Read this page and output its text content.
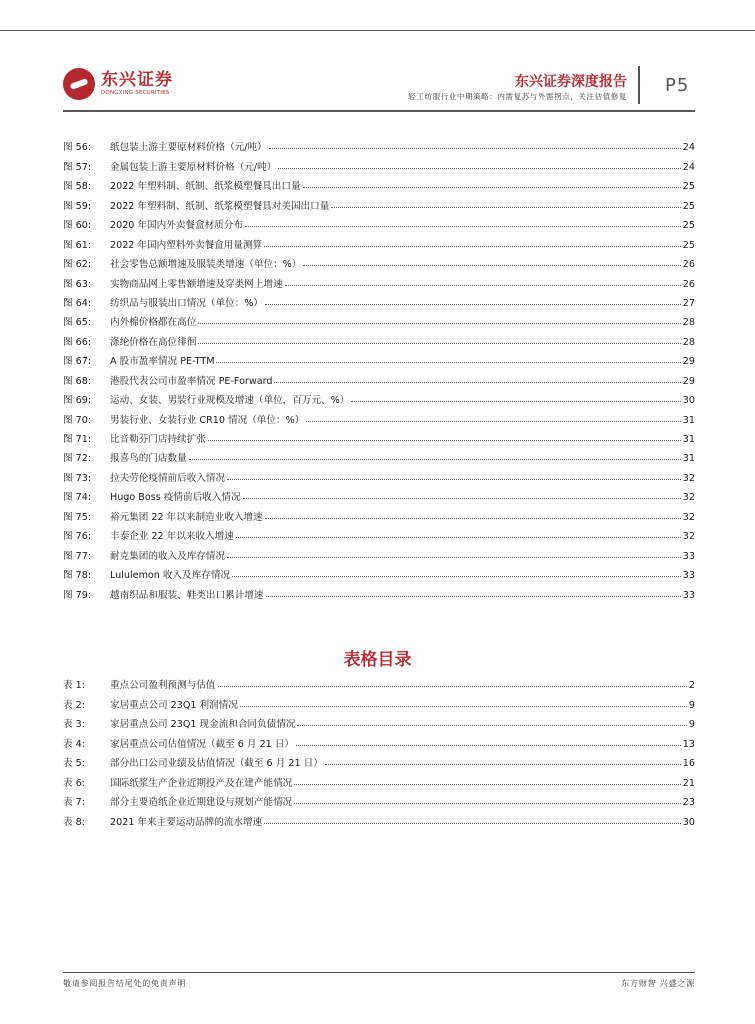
东兴证券
DONGXING SECURITIES
东兴证券深度报告
轻工纺服行业中期策略：内需复苏与外需拐点，关注估值修复
P5
图 56:	纸包装上游主要原材料价格（元/吨）	24
图 57:	金属包装上游主要原材料价格（元/吨）	24
图 58:	2022 年塑料制、纸制、纸浆模塑餐具出口量	25
图 59:	2022 年塑料制、纸制、纸浆模塑餐具对美国出口量	25
图 60:	2020 年国内外卖餐盒材质分布	25
图 61:	2022 年国内塑料外卖餐盒用量测算	25
图 62:	社会零售总额增速及服装类增速（单位：%）	26
图 63:	实物商品网上零售额增速及穿类网上增速	26
图 64:	纺织品与服装出口情况（单位：%）	27
图 65:	内外棉价格都在高位	28
图 66:	涤纶价格在高位徘徊	28
图 67:	A 股市盈率情况 PE-TTM	29
图 68:	港股代表公司市盈率情况 PE-Forward	29
图 69:	运动、女装、男装行业规模及增速（单位，百万元、%）	30
图 70:	男装行业、女装行业 CR10 情况（单位：%）	31
图 71:	比音勒芬门店持续扩张	31
图 72:	报喜鸟的门店数量	31
图 73:	拉夫劳伦疫情前后收入情况	32
图 74:	Hugo Boss 疫情前后收入情况	32
图 75:	裕元集团 22 年以来制造业收入增速	32
图 76:	丰泰企业 22 年以来收入增速	32
图 77:	耐克集团的收入及库存情况	33
图 78:	Lululemon 收入及库存情况	33
图 79:	越南织品和服装、鞋类出口累计增速	33
表格目录
表 1:	重点公司盈利预测与估值	2
表 2:	家居重点公司 23Q1 利润情况	9
表 3:	家居重点公司 23Q1 现金流和合同负债情况	9
表 4:	家居重点公司估值情况（截至 6 月 21 日）	13
表 5:	部分出口公司业绩及估值情况（截至 6 月 21 日）	16
表 6:	国际纸浆生产企业近期投产及在建产能情况	21
表 7:	部分主要造纸企业近期建设与规划产能情况	23
表 8:	2021 年来主要运动品牌的流水增速	30
敬请参阅报告结尾处的免责声明	东方财智 兴盛之源
